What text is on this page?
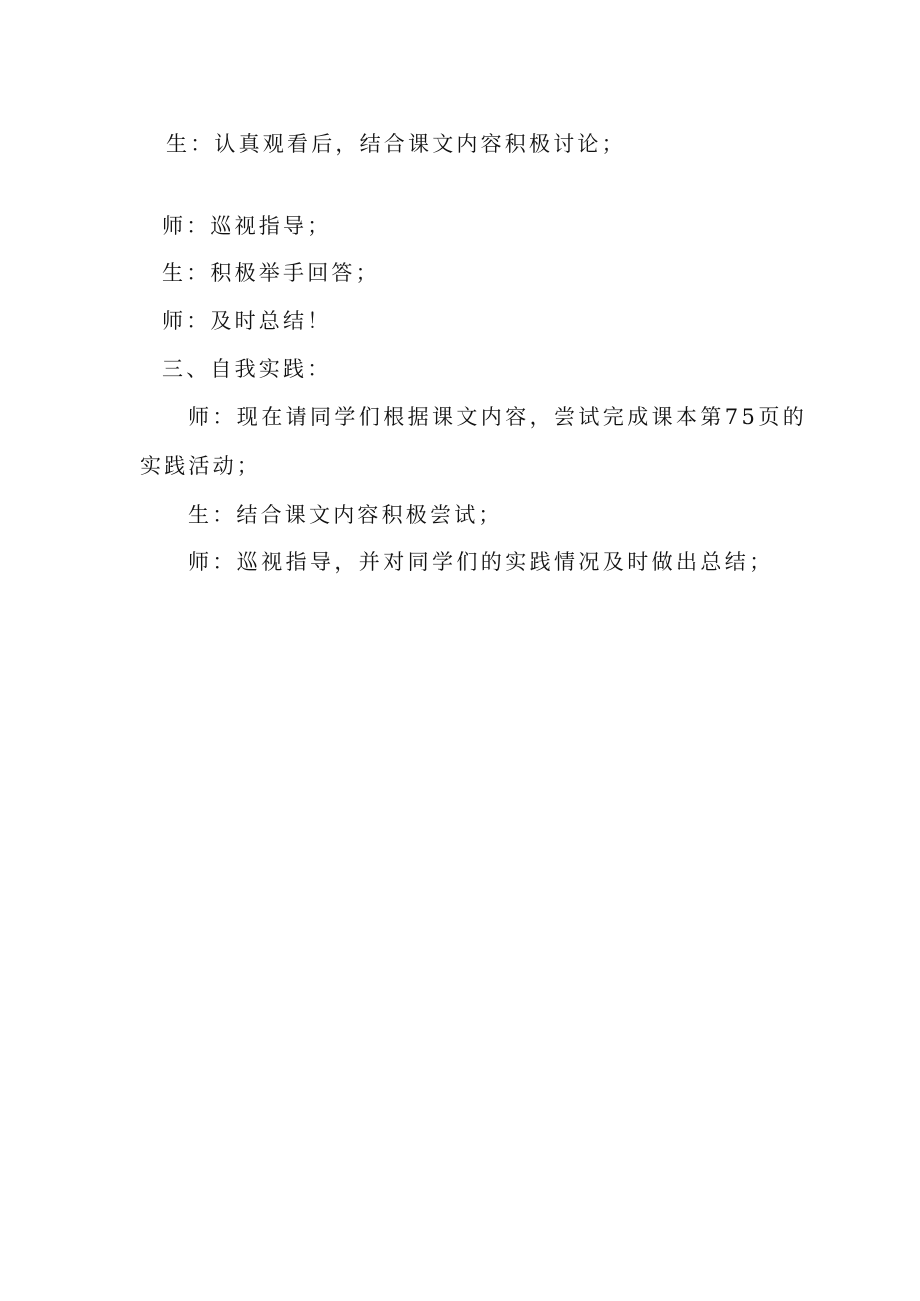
生：认真观看后，结合课文内容积极讨论；
师：巡视指导；
生：积极举手回答；
师：及时总结！
三、自我实践：
师：现在请同学们根据课文内容，尝试完成课本第75页的
实践活动；
生：结合课文内容积极尝试；
师：巡视指导，并对同学们的实践情况及时做出总结；
